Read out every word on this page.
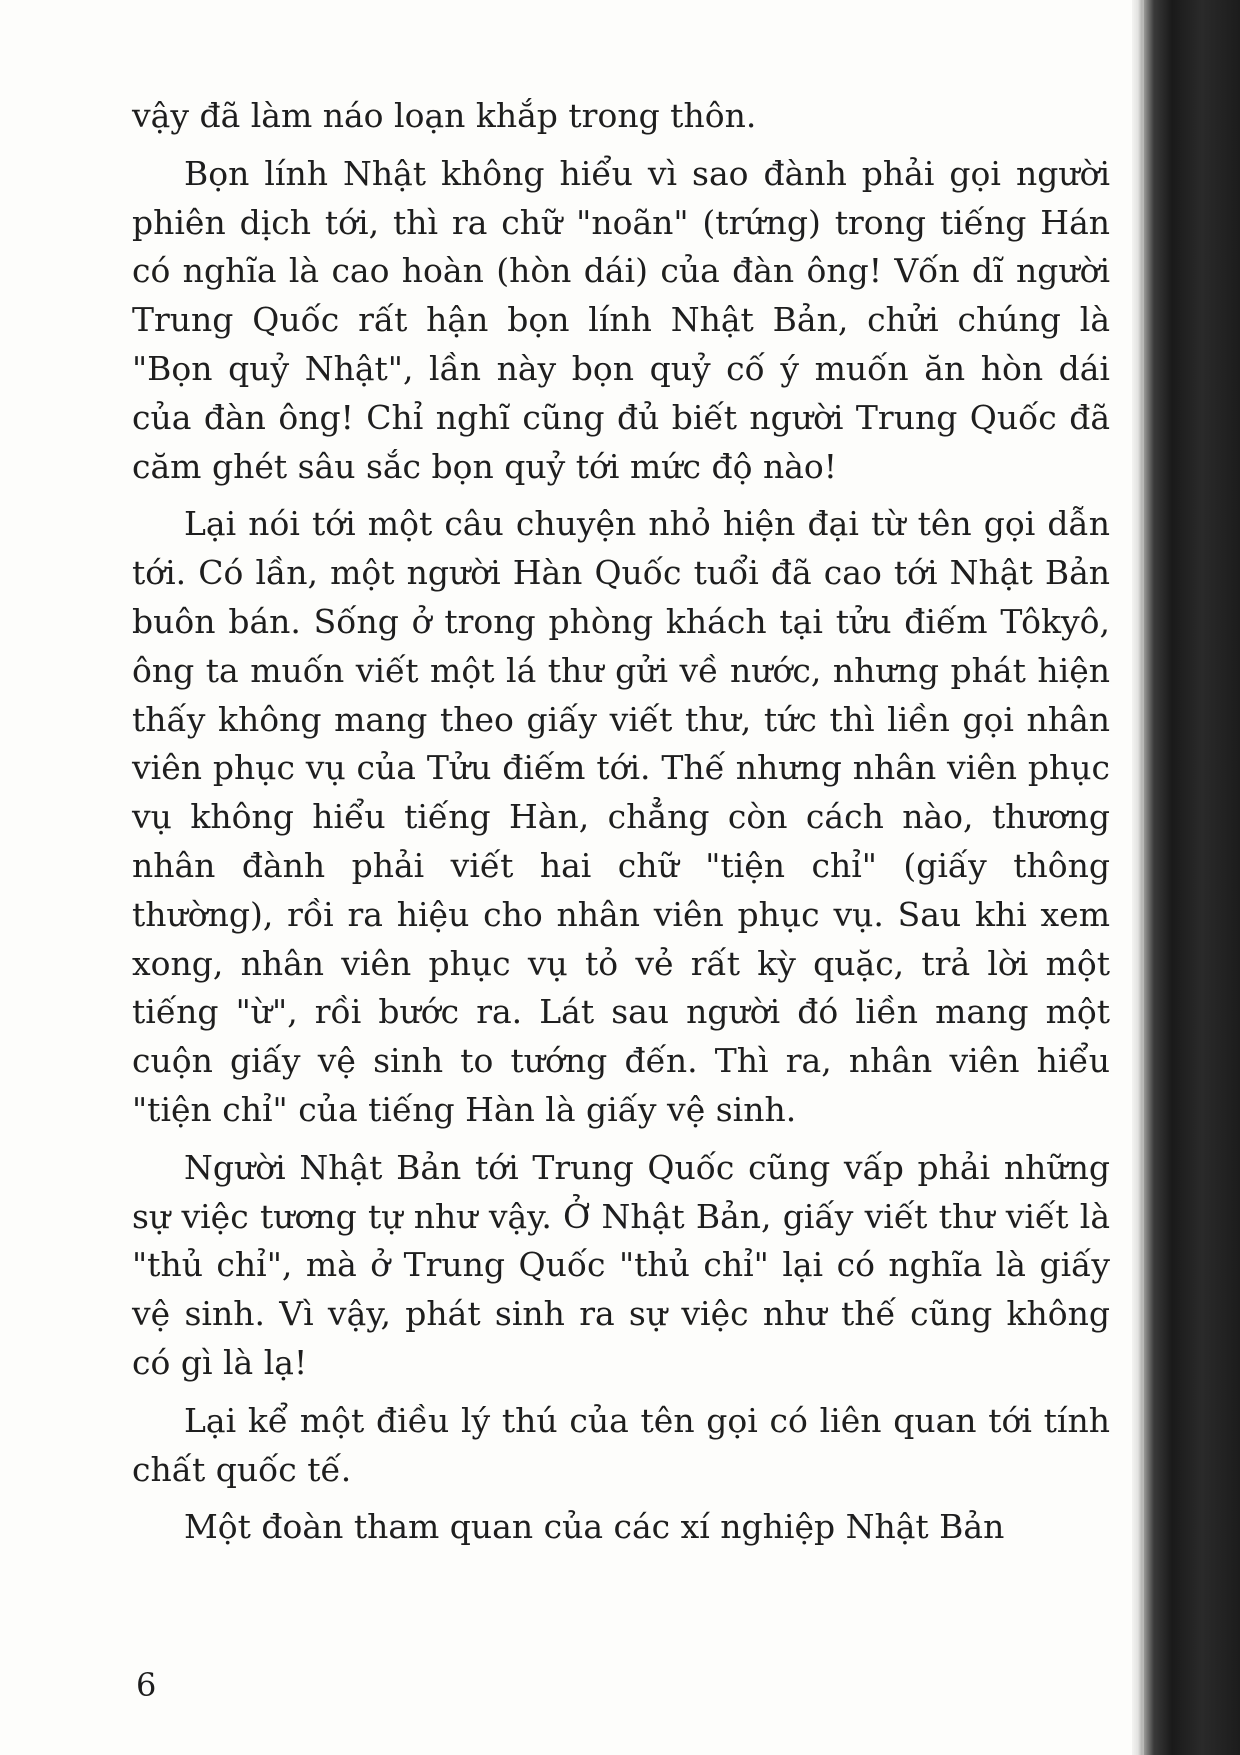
vậy đã làm náo loạn khắp trong thôn.

Bọn lính Nhật không hiểu vì sao đành phải gọi người phiên dịch tới, thì ra chữ "noãn" (trứng) trong tiếng Hán có nghĩa là cao hoàn (hòn dái) của đàn ông! Vốn dĩ người Trung Quốc rất hận bọn lính Nhật Bản, chửi chúng là "Bọn quỷ Nhật", lần này bọn quỷ cố ý muốn ăn hòn dái của đàn ông! Chỉ nghĩ cũng đủ biết người Trung Quốc đã căm ghét sâu sắc bọn quỷ tới mức độ nào!

Lại nói tới một câu chuyện nhỏ hiện đại từ tên gọi dẫn tới. Có lần, một người Hàn Quốc tuổi đã cao tới Nhật Bản buôn bán. Sống ở trong phòng khách tại tửu điếm Tôkyô, ông ta muốn viết một lá thư gửi về nước, nhưng phát hiện thấy không mang theo giấy viết thư, tức thì liền gọi nhân viên phục vụ của Tửu điếm tới. Thế nhưng nhân viên phục vụ không hiểu tiếng Hàn, chẳng còn cách nào, thương nhân đành phải viết hai chữ "tiện chỉ" (giấy thông thường), rồi ra hiệu cho nhân viên phục vụ. Sau khi xem xong, nhân viên phục vụ tỏ vẻ rất kỳ quặc, trả lời một tiếng "ừ", rồi bước ra. Lát sau người đó liền mang một cuộn giấy vệ sinh to tướng đến. Thì ra, nhân viên hiểu "tiện chỉ" của tiếng Hàn là giấy vệ sinh.

Người Nhật Bản tới Trung Quốc cũng vấp phải những sự việc tương tự như vậy. Ở Nhật Bản, giấy viết thư viết là "thủ chỉ", mà ở Trung Quốc "thủ chỉ" lại có nghĩa là giấy vệ sinh. Vì vậy, phát sinh ra sự việc như thế cũng không có gì là lạ!

Lại kể một điều lý thú của tên gọi có liên quan tới tính chất quốc tế.

Một đoàn tham quan của các xí nghiệp Nhật Bản

6
